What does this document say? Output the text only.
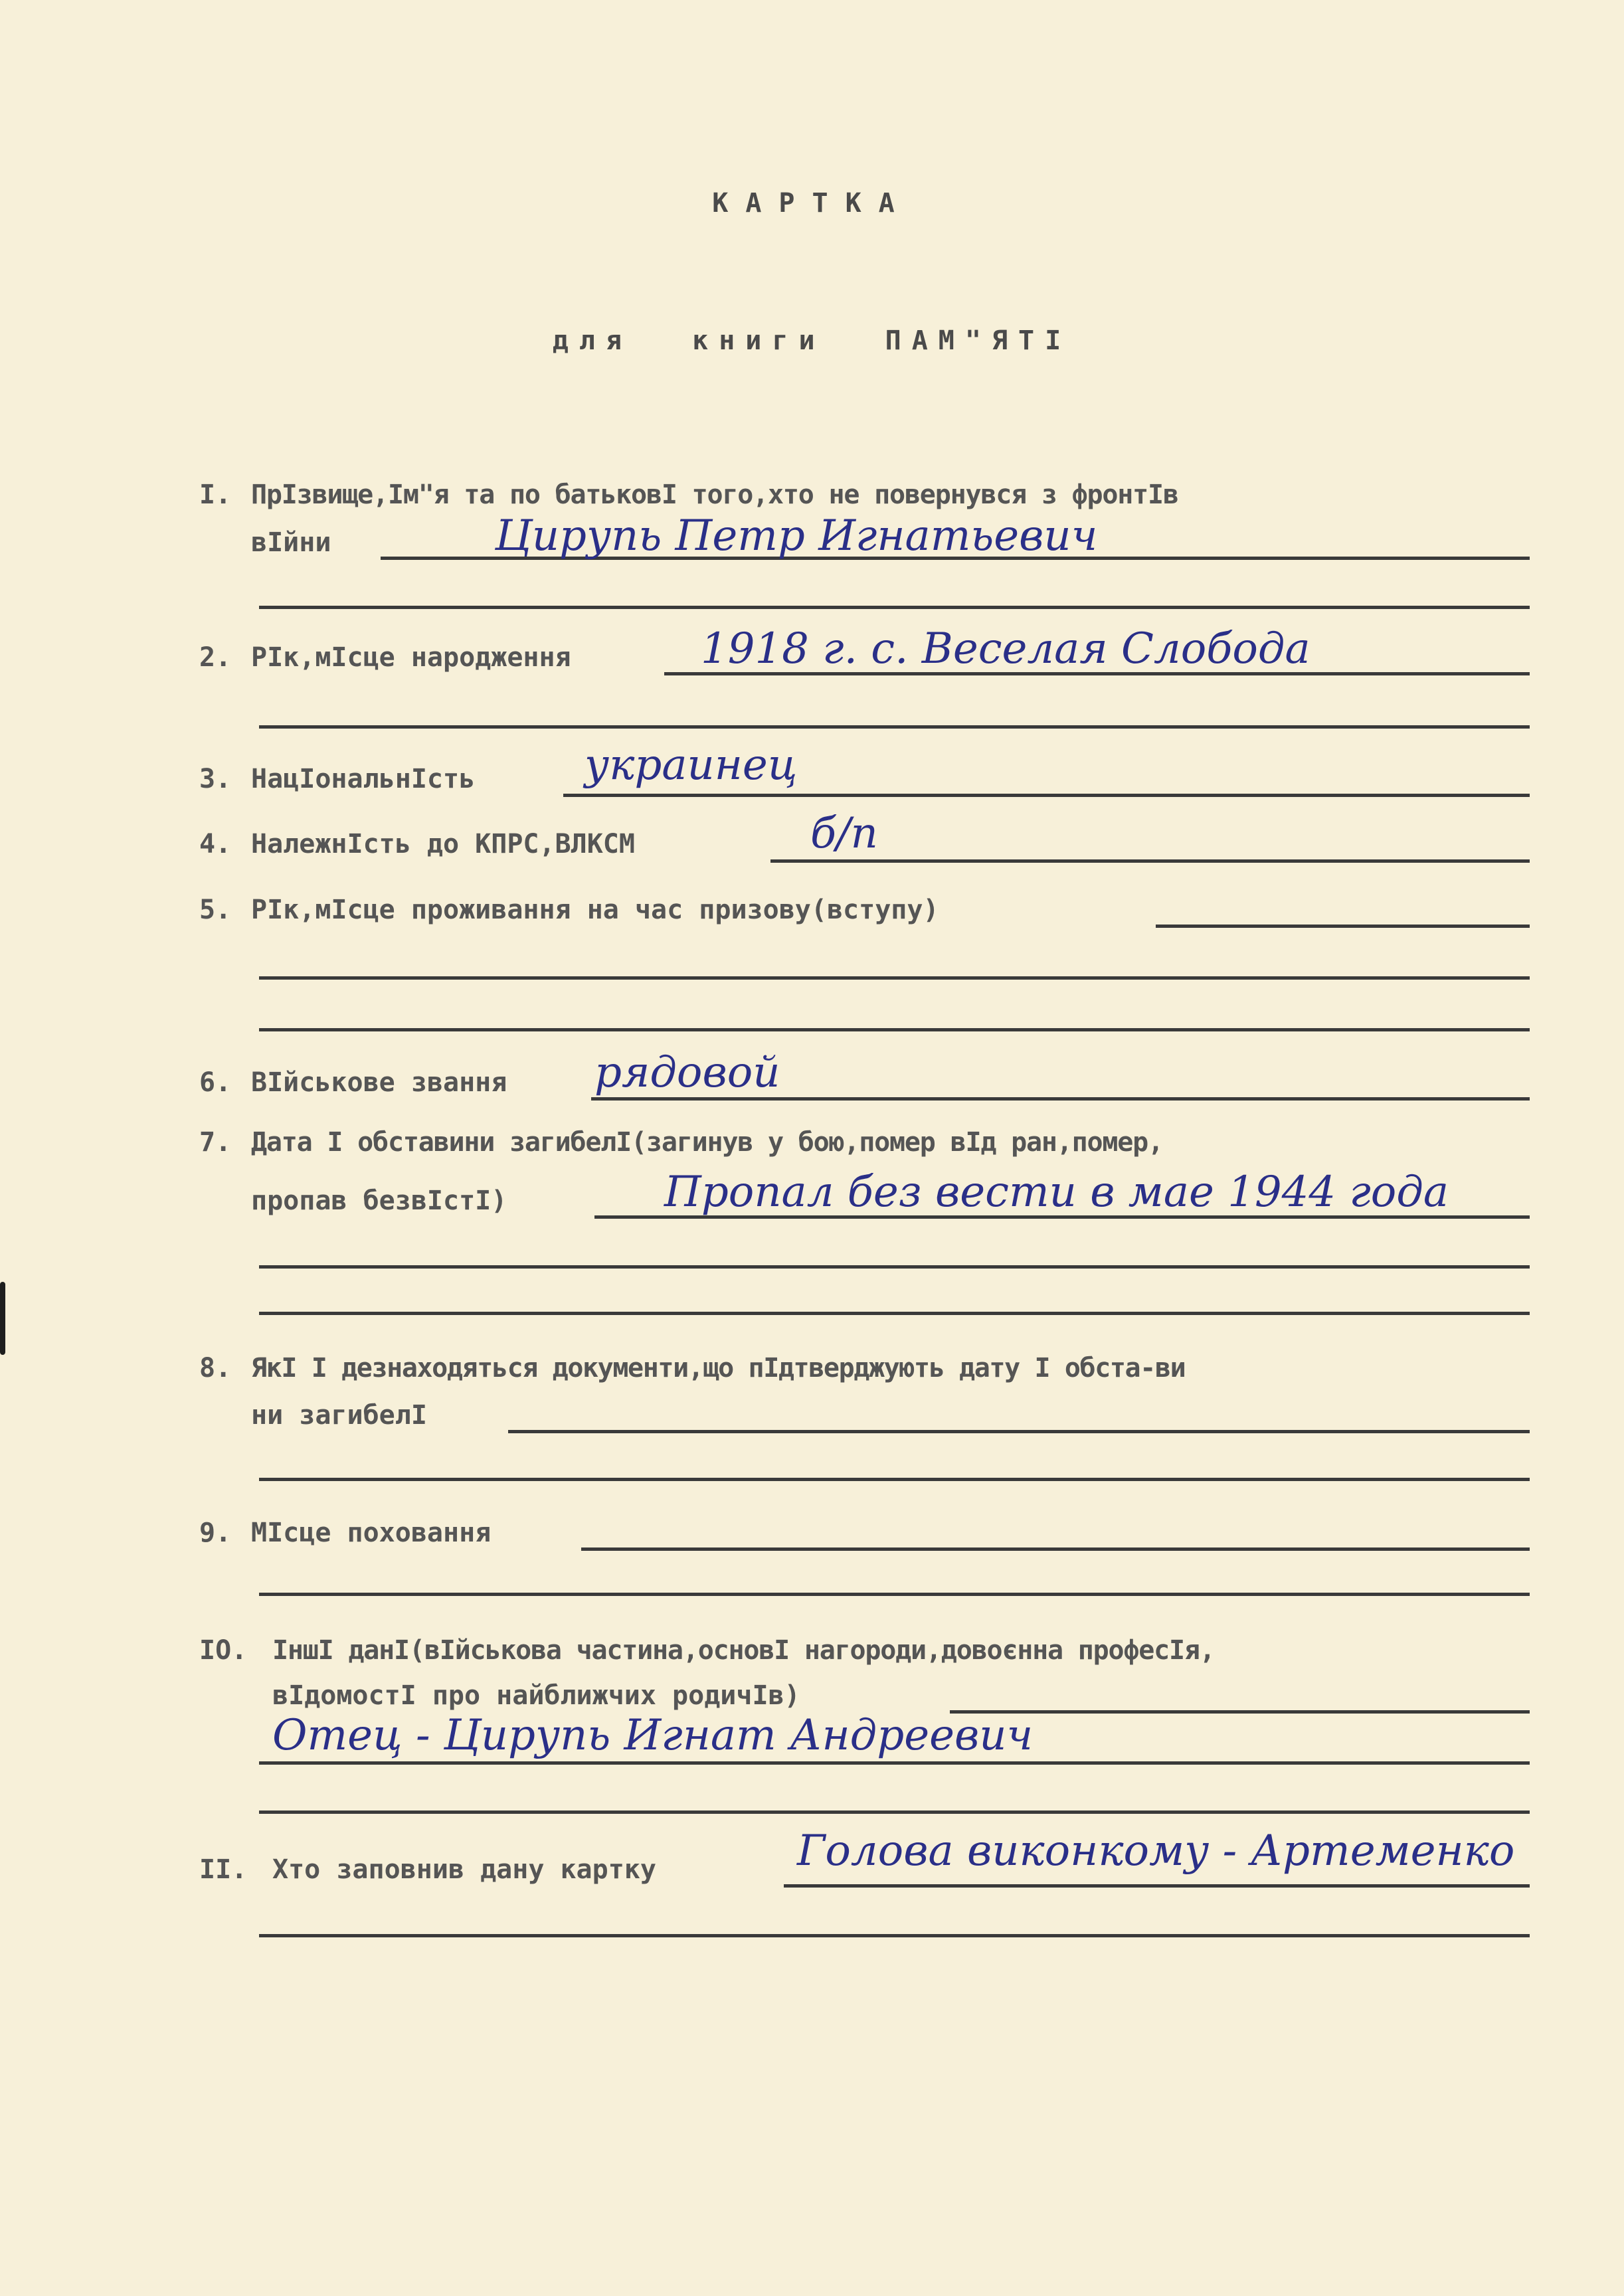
КАРТКА
для книги ПАМ"ЯТІ
I. ПрІзвище,Ім"я та по батьковІ того,хто не повернувся з фронтІв
вІйни	Цирупь Петр Игнатьевич
2. РІк,мІсце народження	1918 г. с. Веселая Слобода
3. НацІональнІсть	украинец
4. НалежнІсть до КПРС,ВЛКСМ	б/п
5. РІк,мІсце проживання на час призову(вступу)
6. ВІйськове звання рядовой
7. Дата І обставини загибелІ(загинув у бою,помер вІд ран,помер,
пропав безвІстІ)	Пропал без вести в мае 1944 года
8. ЯкІ І дезнаходяться документи,що пІдтверджують дату І обста-ви
ни загибелІ
9. МІсце поховання
IO. ІншІ данІ(вІйськова частина,основІ нагороди,довоєнна професІя,
вІдомостІ про найближчих родичІв)
Отец - Цирупь Игнат Андреевич
II. Хто заповнив дану картку	Голова виконкому - Артеменко
